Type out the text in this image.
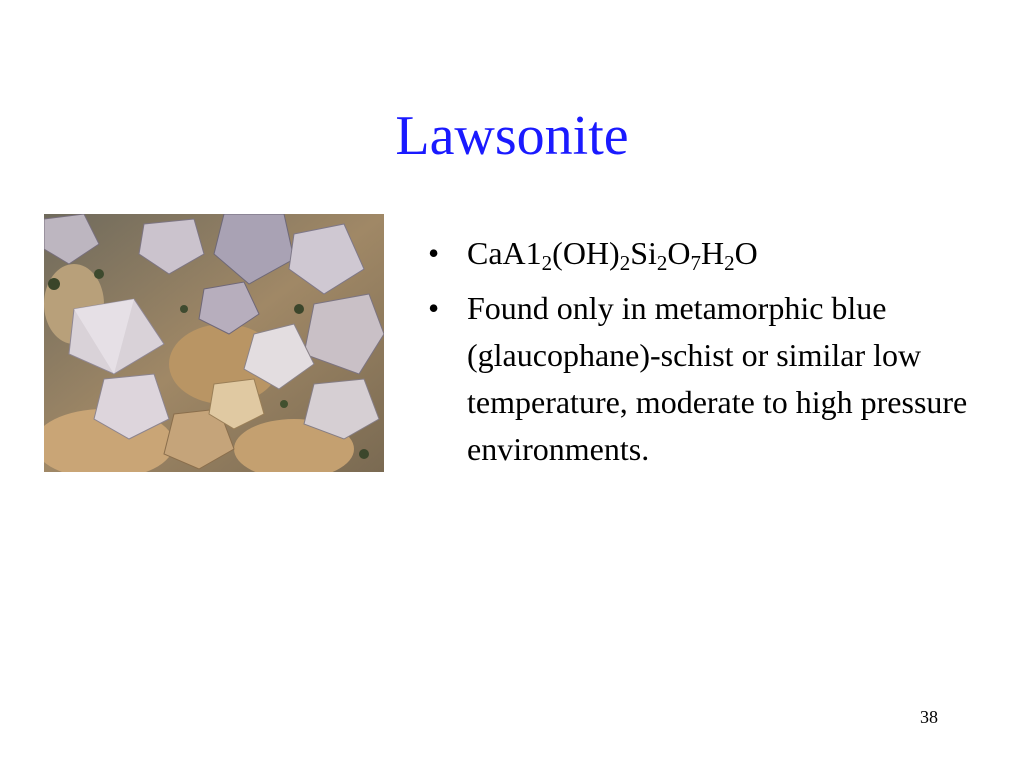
Lawsonite
• $CaA1_2(OH)_2Si_2O_7H_2O$
• Found only in metamorphic blue (glaucophane)-schist or similar low temperature, moderate to high pressure environments.
38
